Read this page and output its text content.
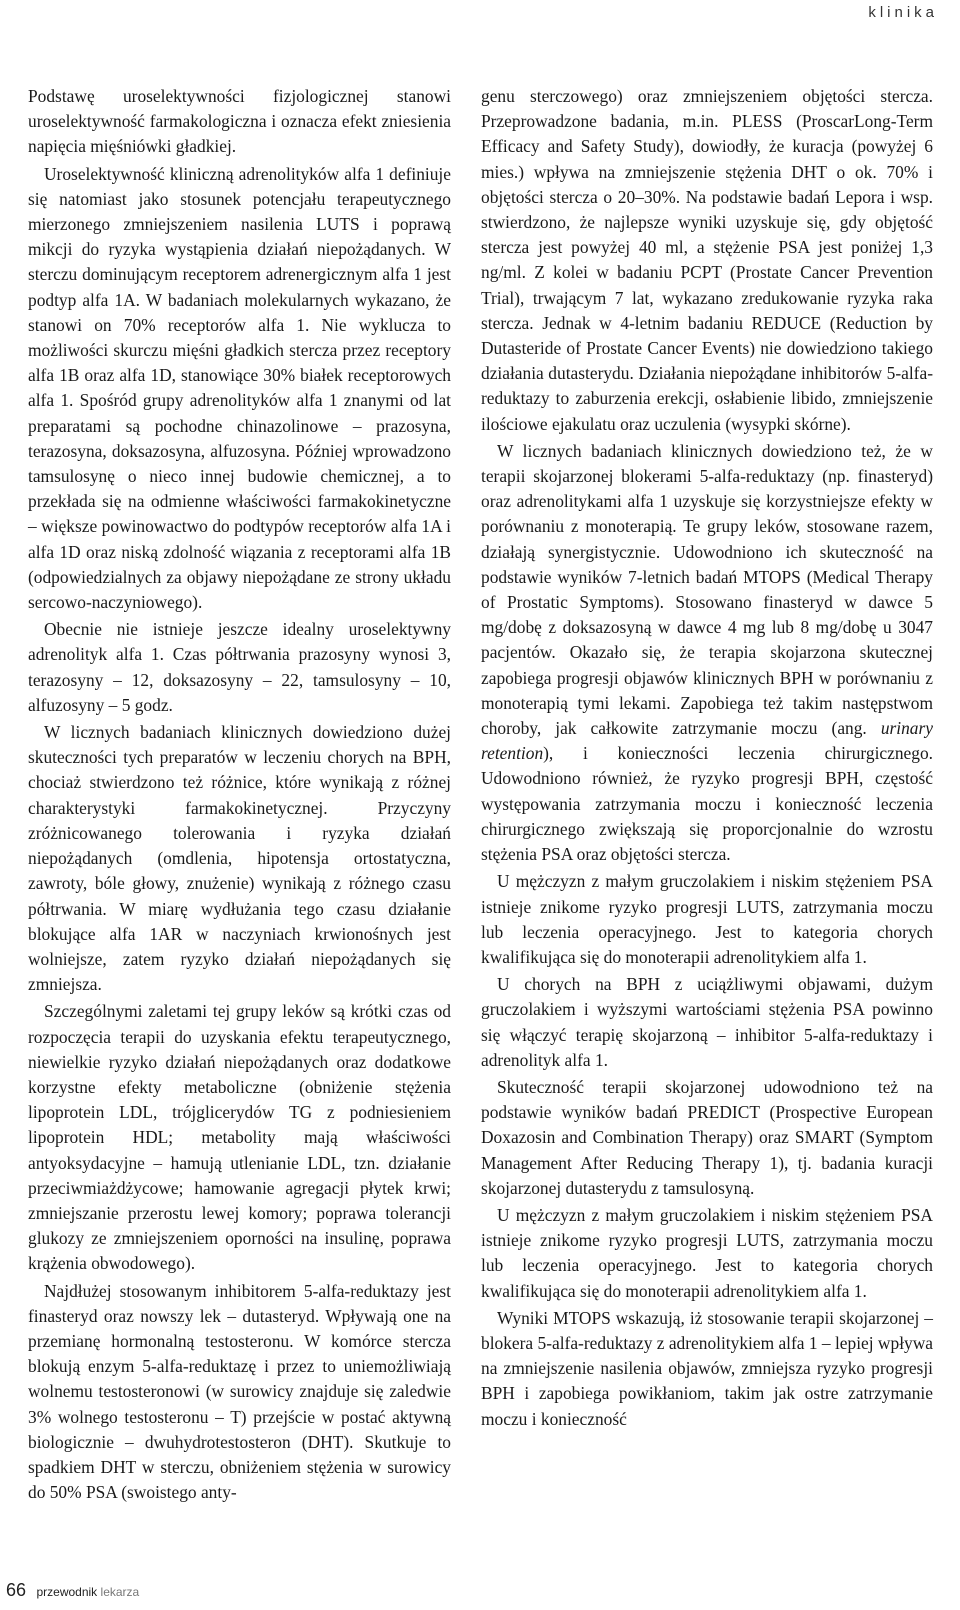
klinika

Podstawę uroselektywności fizjologicznej stanowi uroselektywność farmakologiczna i oznacza efekt zniesienia napięcia mięśniówki gładkiej.

Uroselektywność kliniczną adrenolityków alfa 1 definiuje się natomiast jako stosunek potencjału terapeutycznego mierzonego zmniejszeniem nasilenia LUTS i poprawą mikcji do ryzyka wystąpienia działań niepożądanych. W sterczu dominującym receptorem adrenergicznym alfa 1 jest podtyp alfa 1A. W badaniach molekularnych wykazano, że stanowi on 70% receptorów alfa 1. Nie wyklucza to możliwości skurczu mięśni gładkich stercza przez receptory alfa 1B oraz alfa 1D, stanowiące 30% białek receptorowych alfa 1. Spośród grupy adrenolityków alfa 1 znanymi od lat preparatami są pochodne chinazolinowe – prazosyna, terazosyna, doksazosyna, alfuzosyna. Później wprowadzono tamsulosynę o nieco innej budowie chemicznej, a to przekłada się na odmienne właściwości farmakokinetyczne – większe powinowactwo do podtypów receptorów alfa 1A i alfa 1D oraz niską zdolność wiązania z receptorami alfa 1B (odpowiedzialnych za objawy niepożądane ze strony układu sercowo-naczyniowego).

Obecnie nie istnieje jeszcze idealny uroselektywny adrenolityk alfa 1. Czas półtrwania prazosyny wynosi 3, terazosyny – 12, doksazosyny – 22, tamsulosyny – 10, alfuzosyny – 5 godz.

W licznych badaniach klinicznych dowiedziono dużej skuteczności tych preparatów w leczeniu chorych na BPH, chociaż stwierdzono też różnice, które wynikają z różnej charakterystyki farmakokinetycznej. Przyczyny zróżnicowanego tolerowania i ryzyka działań niepożądanych (omdlenia, hipotensja ortostatyczna, zawroty, bóle głowy, znużenie) wynikają z różnego czasu półtrwania. W miarę wydłużania tego czasu działanie blokujące alfa 1AR w naczyniach krwionośnych jest wolniejsze, zatem ryzyko działań niepożądanych się zmniejsza.

Szczególnymi zaletami tej grupy leków są krótki czas od rozpoczęcia terapii do uzyskania efektu terapeutycznego, niewielkie ryzyko działań niepożądanych oraz dodatkowe korzystne efekty metaboliczne (obniżenie stężenia lipoprotein LDL, trójglicerydów TG z podniesieniem lipoprotein HDL; metabolity mają właściwości antyoksydacyjne – hamują utlenianie LDL, tzn. działanie przeciwmiażdżycowe; hamowanie agregacji płytek krwi; zmniejszanie przerostu lewej komory; poprawa tolerancji glukozy ze zmniejszeniem oporności na insulinę, poprawa krążenia obwodowego).

Najdłużej stosowanym inhibitorem 5-alfa-reduktazy jest finasteryd oraz nowszy lek – dutasteryd. Wpływają one na przemianę hormonalną testosteronu. W komórce stercza blokują enzym 5-alfa-reduktazę i przez to uniemożliwiają wolnemu testosteronowi (w surowicy znajduje się zaledwie 3% wolnego testosteronu – T) przejście w postać aktywną biologicznie – dwuhydrotestosteron (DHT). Skutkuje to spadkiem DHT w sterczu, obniżeniem stężenia w surowicy do 50% PSA (swoistego anty-

genu sterczowego) oraz zmniejszeniem objętości stercza. Przeprowadzone badania, m.in. PLESS (ProscarLong-Term Efficacy and Safety Study), dowiodły, że kuracja (powyżej 6 mies.) wpływa na zmniejszenie stężenia DHT o ok. 70% i objętości stercza o 20–30%. Na podstawie badań Lepora i wsp. stwierdzono, że najlepsze wyniki uzyskuje się, gdy objętość stercza jest powyżej 40 ml, a stężenie PSA jest poniżej 1,3 ng/ml. Z kolei w badaniu PCPT (Prostate Cancer Prevention Trial), trwającym 7 lat, wykazano zredukowanie ryzyka raka stercza. Jednak w 4-letnim badaniu REDUCE (Reduction by Dutasteride of Prostate Cancer Events) nie dowiedziono takiego działania dutasterydu. Działania niepożądane inhibitorów 5-alfa-reduktazy to zaburzenia erekcji, osłabienie libido, zmniejszenie ilościowe ejakulatu oraz uczulenia (wysypki skórne).

W licznych badaniach klinicznych dowiedziono też, że w terapii skojarzonej blokerami 5-alfa-reduktazy (np. finasteryd) oraz adrenolitykami alfa 1 uzyskuje się korzystniejsze efekty w porównaniu z monoterapią. Te grupy leków, stosowane razem, działają synergistycznie. Udowodniono ich skuteczność na podstawie wyników 7-letnich badań MTOPS (Medical Therapy of Prostatic Symptoms). Stosowano finasteryd w dawce 5 mg/dobę z doksazosyną w dawce 4 mg lub 8 mg/dobę u 3047 pacjentów. Okazało się, że terapia skojarzona skutecznej zapobiega progresji objawów klinicznych BPH w porównaniu z monoterapią tymi lekami. Zapobiega też takim następstwom choroby, jak całkowite zatrzymanie moczu (ang. urinary retention), i konieczności leczenia chirurgicznego. Udowodniono również, że ryzyko progresji BPH, częstość występowania zatrzymania moczu i konieczność leczenia chirurgicznego zwiększają się proporcjonalnie do wzrostu stężenia PSA oraz objętości stercza.

U mężczyzn z małym gruczolakiem i niskim stężeniem PSA istnieje znikome ryzyko progresji LUTS, zatrzymania moczu lub leczenia operacyjnego. Jest to kategoria chorych kwalifikująca się do monoterapii adrenolitykiem alfa 1.

U chorych na BPH z uciążliwymi objawami, dużym gruczolakiem i wyższymi wartościami stężenia PSA powinno się włączyć terapię skojarzoną – inhibitor 5-alfa-reduktazy i adrenolityk alfa 1.

Skuteczność terapii skojarzonej udowodniono też na podstawie wyników badań PREDICT (Prospective European Doxazosin and Combination Therapy) oraz SMART (Symptom Management After Reducing Therapy 1), tj. badania kuracji skojarzonej dutasterydu z tamsulosyną.

U mężczyzn z małym gruczolakiem i niskim stężeniem PSA istnieje znikome ryzyko progresji LUTS, zatrzymania moczu lub leczenia operacyjnego. Jest to kategoria chorych kwalifikująca się do monoterapii adrenolitykiem alfa 1.

Wyniki MTOPS wskazują, iż stosowanie terapii skojarzonej – blokera 5-alfa-reduktazy z adrenolitykiem alfa 1 – lepiej wpływa na zmniejszenie nasilenia objawów, zmniejsza ryzyko progresji BPH i zapobiega powikłaniom, takim jak ostre zatrzymanie moczu i konieczność

66 przewodnik lekarza
